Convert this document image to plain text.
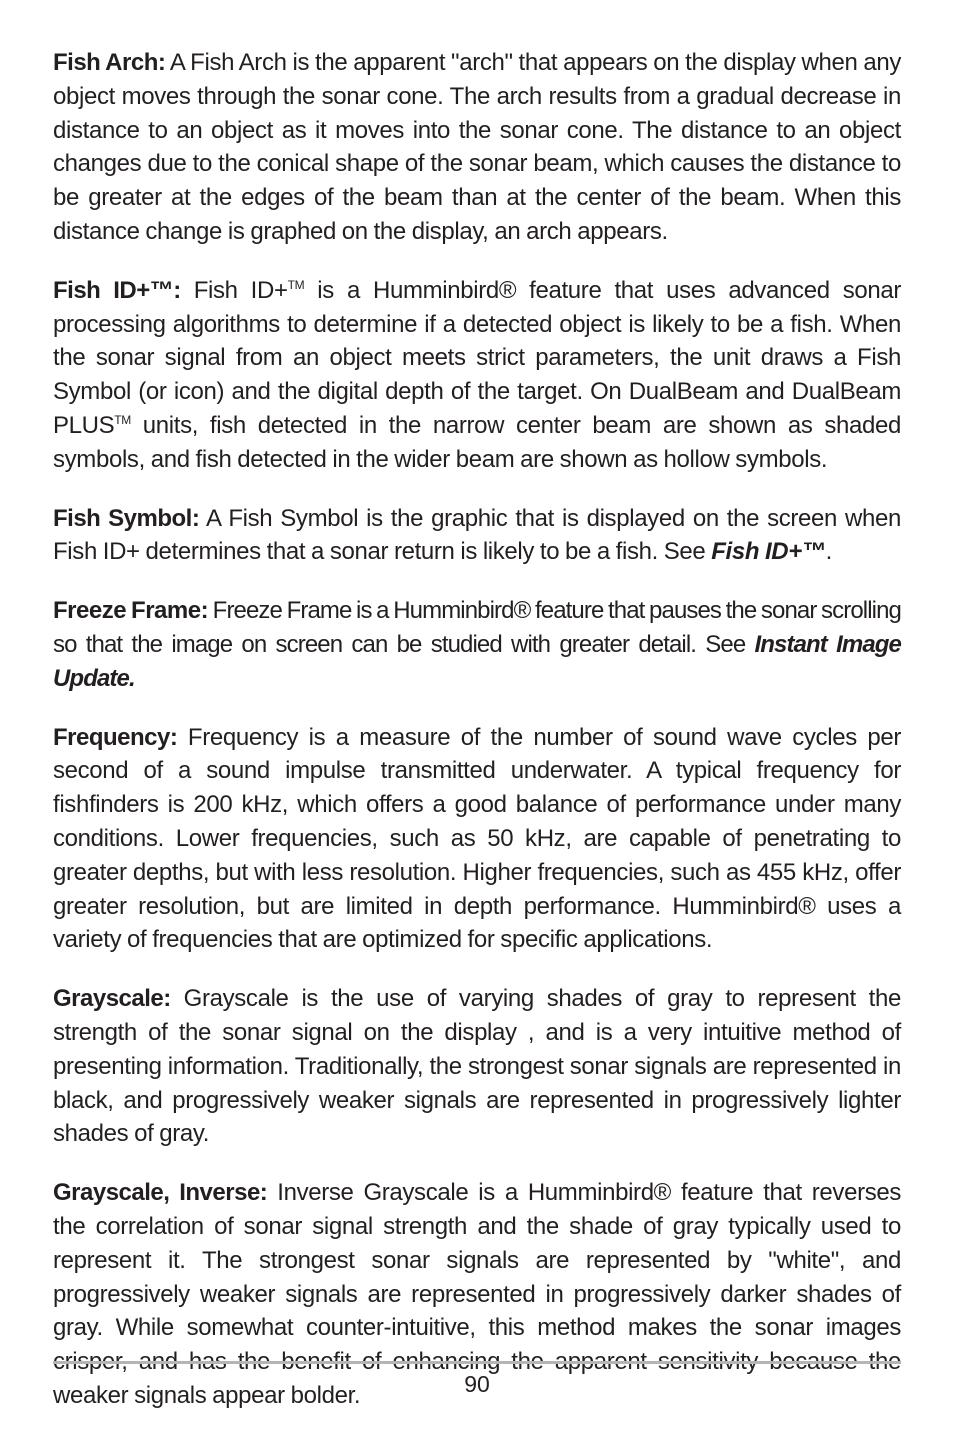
Fish Arch: A Fish Arch is the apparent "arch" that appears on the display when any object moves through the sonar cone. The arch results from a gradual decrease in distance to an object as it moves into the sonar cone. The distance to an object changes due to the conical shape of the sonar beam, which causes the distance to be greater at the edges of the beam than at the center of the beam. When this distance change is graphed on the display, an arch appears.

Fish ID+™: Fish ID+™ is a Humminbird® feature that uses advanced sonar processing algorithms to determine if a detected object is likely to be a fish. When the sonar signal from an object meets strict parameters, the unit draws a Fish Symbol (or icon) and the digital depth of the target. On DualBeam and DualBeam PLUS™ units, fish detected in the narrow center beam are shown as shaded symbols, and fish detected in the wider beam are shown as hollow symbols.

Fish Symbol: A Fish Symbol is the graphic that is displayed on the screen when Fish ID+ determines that a sonar return is likely to be a fish. See Fish ID+™.

Freeze Frame: Freeze Frame is a Humminbird® feature that pauses the sonar scrolling so that the image on screen can be studied with greater detail. See Instant Image Update.

Frequency: Frequency is a measure of the number of sound wave cycles per second of a sound impulse transmitted underwater. A typical frequency for fishfinders is 200 kHz, which offers a good balance of performance under many conditions. Lower frequencies, such as 50 kHz, are capable of penetrating to greater depths, but with less resolution. Higher frequencies, such as 455 kHz, offer greater resolution, but are limited in depth performance. Humminbird® uses a variety of frequencies that are optimized for specific applications.

Grayscale: Grayscale is the use of varying shades of gray to represent the strength of the sonar signal on the display , and is a very intuitive method of presenting information. Traditionally, the strongest sonar signals are represented in black, and progressively weaker signals are represented in progressively lighter shades of gray.

Grayscale, Inverse: Inverse Grayscale is a Humminbird® feature that reverses the correlation of sonar signal strength and the shade of gray typically used to represent it. The strongest sonar signals are represented by "white", and progressively weaker signals are represented in progressively darker shades of gray. While somewhat counter-intuitive, this method makes the sonar images crisper, and has the benefit of enhancing the apparent sensitivity because the weaker signals appear bolder.	90
